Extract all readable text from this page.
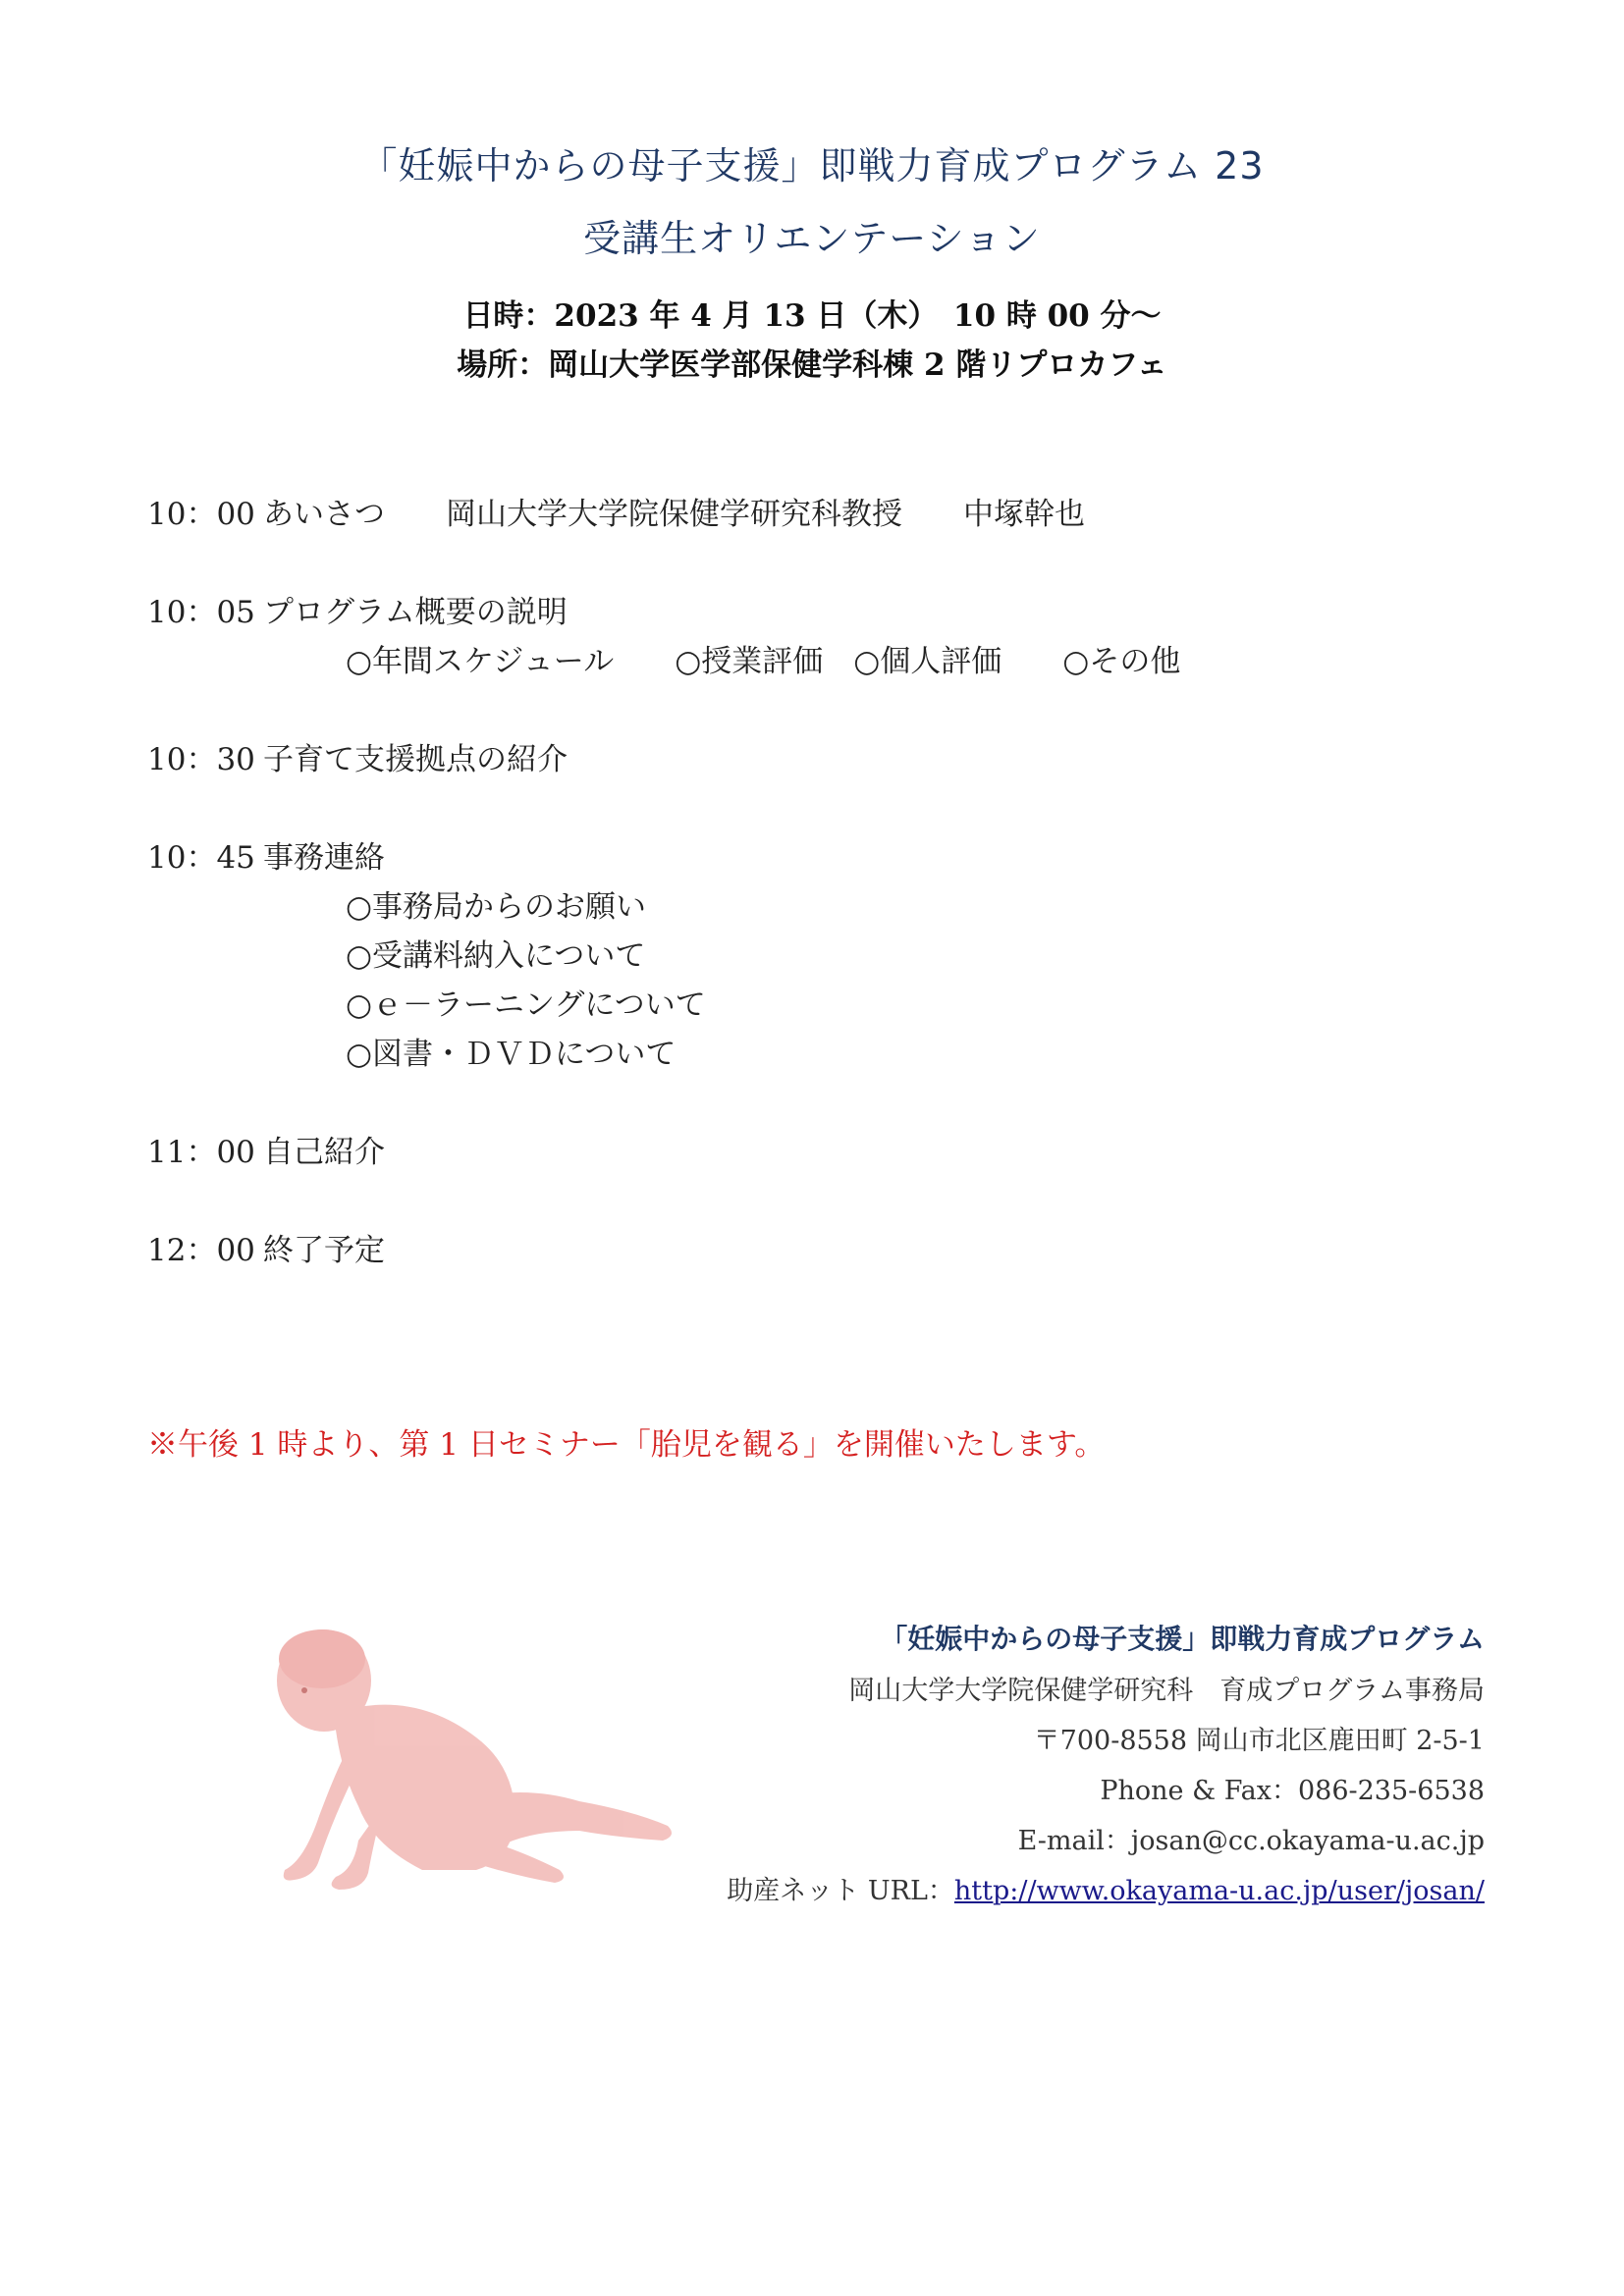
「妊娠中からの母子支援」即戦力育成プログラム 23
受講生オリエンテーション
日時：2023 年 4 月 13 日（木）　10 時 00 分～
場所：岡山大学医学部保健学科棟 2 階リプロカフェ
10：00 あいさつ　　岡山大学大学院保健学研究科教授　　中塚幹也
10：05 プログラム概要の説明
○年間スケジュール　　○授業評価　○個人評価　　○その他
10：30 子育て支援拠点の紹介
10：45 事務連絡
○事務局からのお願い
○受講料納入について
○ｅ－ラーニングについて
○図書・ＤＶＤについて
11：00 自己紹介
12：00 終了予定
※午後 1 時より、第 1 日セミナー「胎児を観る」を開催いたします。
「妊娠中からの母子支援」即戦力育成プログラム
岡山大学大学院保健学研究科　育成プログラム事務局
〒700-8558 岡山市北区鹿田町 2-5-1
Phone & Fax：086-235-6538
E-mail：josan@cc.okayama-u.ac.jp
助産ネット URL：http://www.okayama-u.ac.jp/user/josan/
